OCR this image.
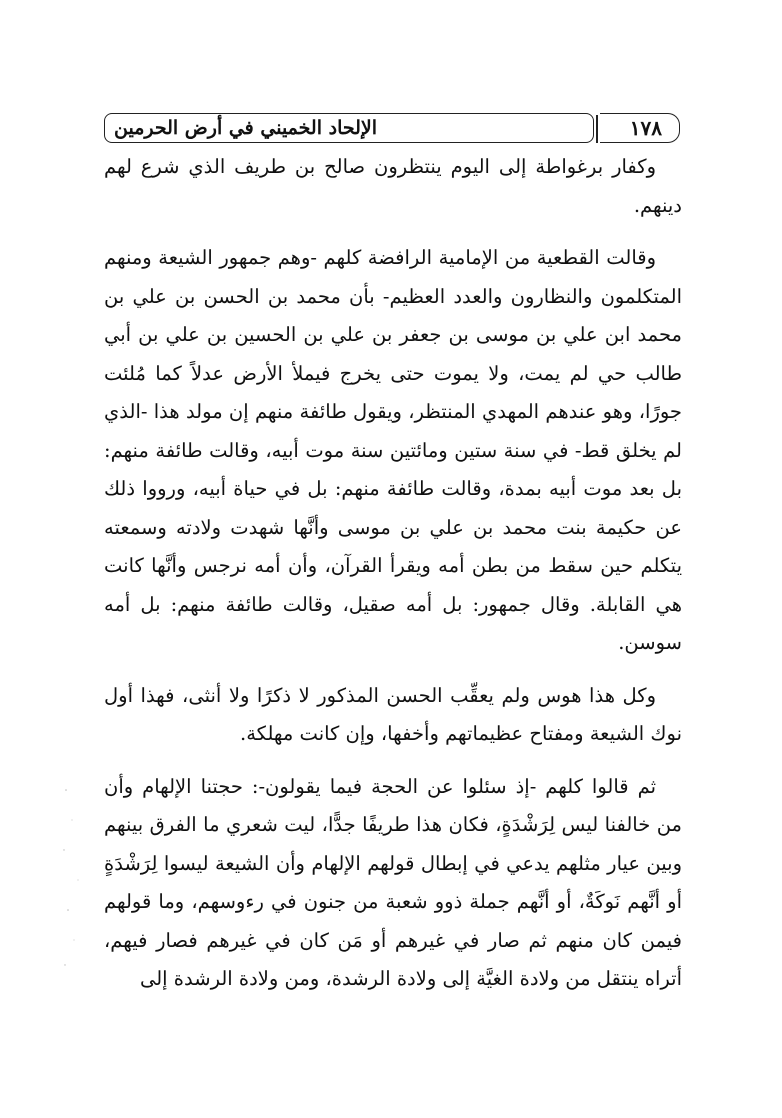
الإلحاد الخميني في أرض الحرمين	١٧٨

وكفار برغواطة إلى اليوم ينتظرون صالح بن طريف الذي شرع لهم دينهم.

وقالت القطعية من الإمامية الرافضة كلهم -وهم جمهور الشيعة ومنهم المتكلمون والنظارون والعدد العظيم- بأن محمد بن الحسن بن علي بن محمد ابن علي بن موسى بن جعفر بن علي بن الحسين بن علي بن أبي طالب حي لم يمت، ولا يموت حتى يخرج فيملأ الأرض عدلاً كما مُلئت جورًا، وهو عندهم المهدي المنتظر، ويقول طائفة منهم إن مولد هذا -الذي لم يخلق قط- في سنة ستين ومائتين سنة موت أبيه، وقالت طائفة منهم: بل بعد موت أبيه بمدة، وقالت طائفة منهم: بل في حياة أبيه، ورووا ذلك عن حكيمة بنت محمد بن علي بن موسى وأنَّها شهدت ولادته وسمعته يتكلم حين سقط من بطن أمه ويقرأ القرآن، وأن أمه نرجس وأنَّها كانت هي القابلة. وقال جمهور: بل أمه صقيل، وقالت طائفة منهم: بل أمه سوسن.

وكل هذا هوس ولم يعقِّب الحسن المذكور لا ذكرًا ولا أنثى، فهذا أول نوك الشيعة ومفتاح عظيماتهم وأخفها، وإن كانت مهلكة.

ثم قالوا كلهم -إذ سئلوا عن الحجة فيما يقولون-: حجتنا الإلهام وأن من خالفنا ليس لِرَشْدَةٍ، فكان هذا طريفًا جدًّا، ليت شعري ما الفرق بينهم وبين عيار مثلهم يدعي في إبطال قولهم الإلهام وأن الشيعة ليسوا لِرَشْدَةٍ أو أنَّهم نَوكَةٌ، أو أنَّهم جملة ذوو شعبة من جنون في رءوسهم، وما قولهم فيمن كان منهم ثم صار في غيرهم أو مَن كان في غيرهم فصار فيهم، أتراه ينتقل من ولادة الغيَّة إلى ولادة الرشدة، ومن ولادة الرشدة إلى
